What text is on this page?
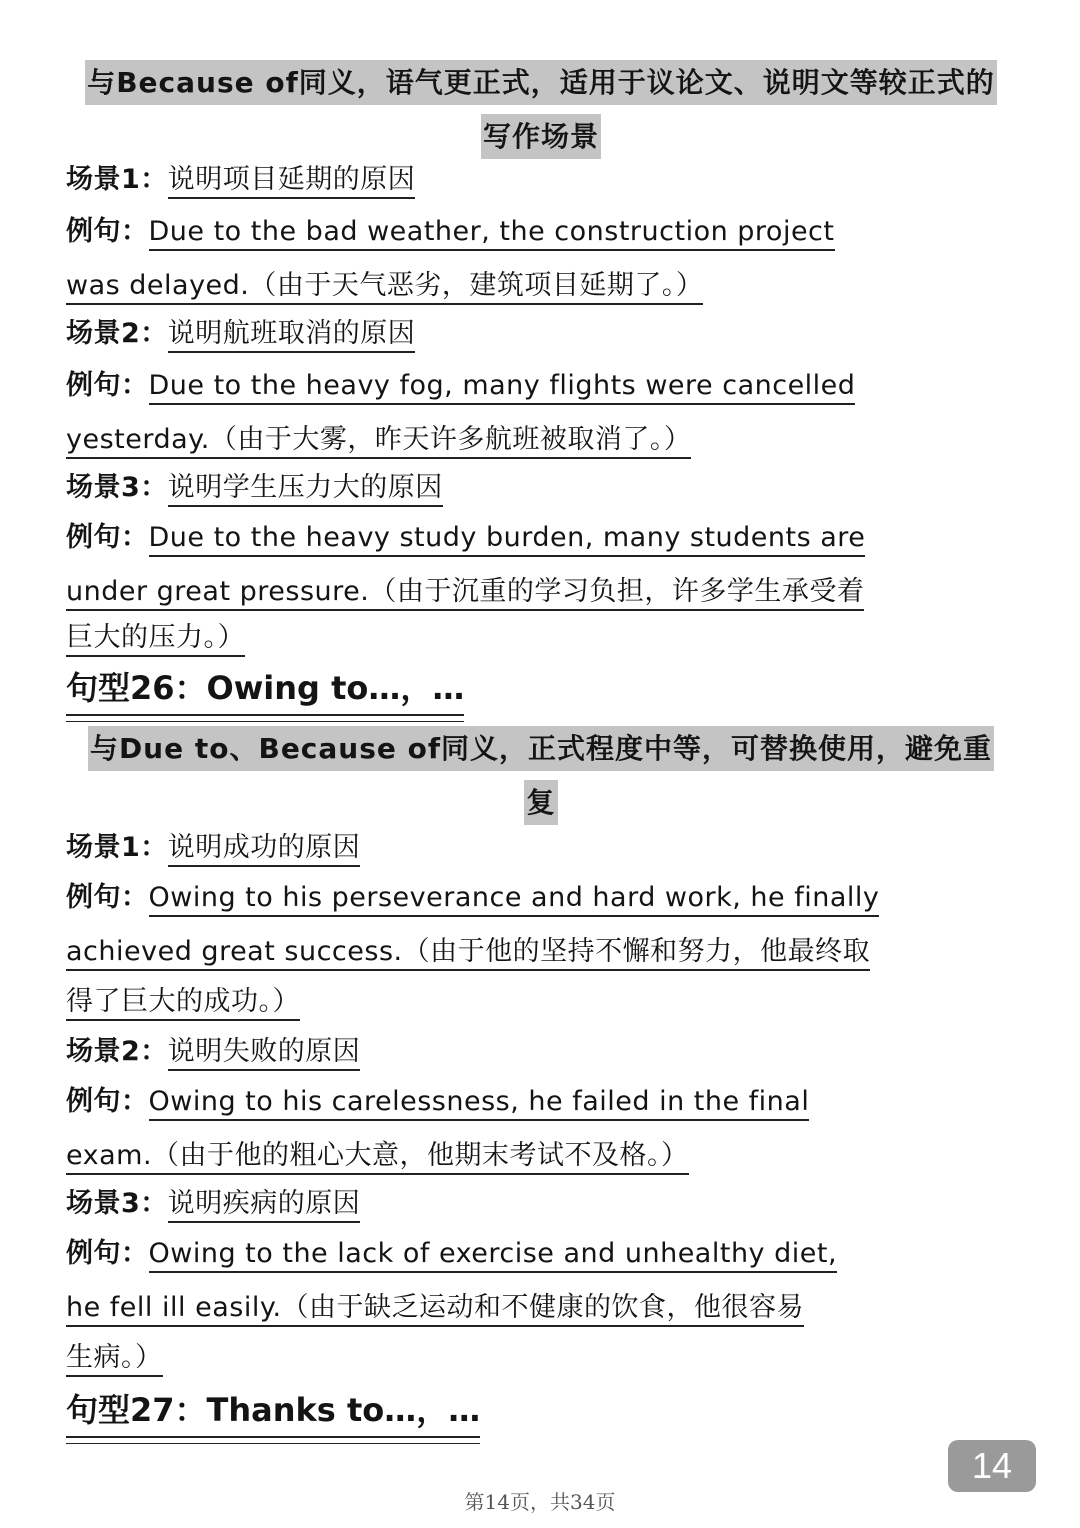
与Because of同义，语气更正式，适用于议论文、说明文等较正式的写作场景
场景1：说明项目延期的原因
例句：Due to the bad weather, the construction project
was delayed.（由于天气恶劣，建筑项目延期了。）
场景2：说明航班取消的原因
例句：Due to the heavy fog, many flights were cancelled
yesterday.（由于大雾，昨天许多航班被取消了。）
场景3：说明学生压力大的原因
例句：Due to the heavy study burden, many students are
under great pressure.（由于沉重的学习负担，许多学生承受着
巨大的压力。）
句型26：Owing to…，…
与Due to、Because of同义，正式程度中等，可替换使用，避免重复
场景1：说明成功的原因
例句：Owing to his perseverance and hard work, he finally
achieved great success.（由于他的坚持不懈和努力，他最终取
得了巨大的成功。）
场景2：说明失败的原因
例句：Owing to his carelessness, he failed in the final
exam.（由于他的粗心大意，他期末考试不及格。）
场景3：说明疾病的原因
例句：Owing to the lack of exercise and unhealthy diet,
he fell ill easily.（由于缺乏运动和不健康的饮食，他很容易
生病。）
句型27：Thanks to…，…
14
第14页，共34页
